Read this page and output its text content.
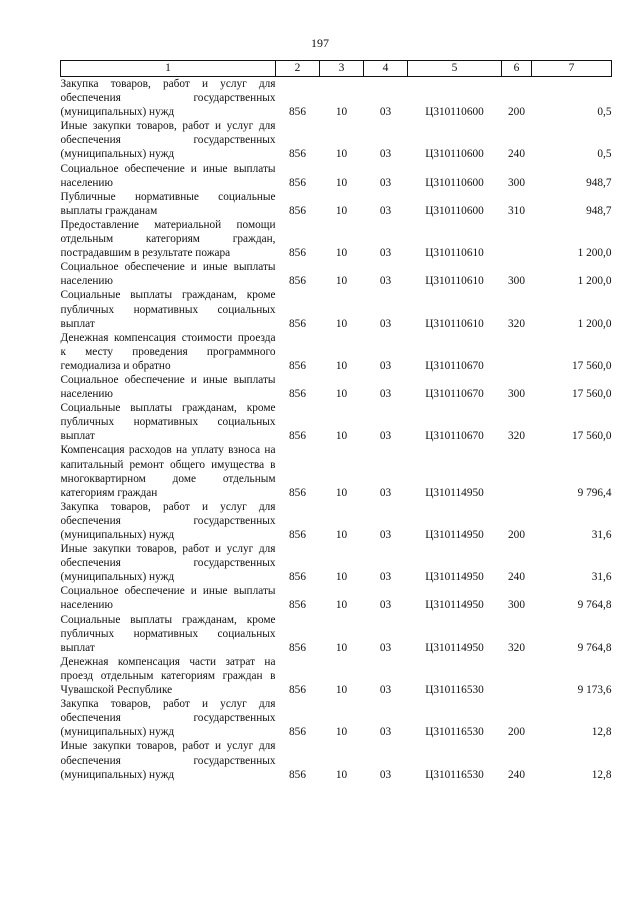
197
1	2	3	4	5	6	7
Закупка товаров, работ и услуг для обеспечения государственных (муниципальных) нужд	856	10	03	Ц310110600	200	0,5
Иные закупки товаров, работ и услуг для обеспечения государственных (муниципальных) нужд	856	10	03	Ц310110600	240	0,5
Социальное обеспечение и иные выплаты населению	856	10	03	Ц310110600	300	948,7
Публичные нормативные социальные выплаты гражданам	856	10	03	Ц310110600	310	948,7
Предоставление материальной помощи отдельным категориям граждан, пострадавшим в результате пожара	856	10	03	Ц310110610		1 200,0
Социальное обеспечение и иные выплаты населению	856	10	03	Ц310110610	300	1 200,0
Социальные выплаты гражданам, кроме публичных нормативных социальных выплат	856	10	03	Ц310110610	320	1 200,0
Денежная компенсация стоимости проезда к месту проведения программного гемодиализа и обратно	856	10	03	Ц310110670		17 560,0
Социальное обеспечение и иные выплаты населению	856	10	03	Ц310110670	300	17 560,0
Социальные выплаты гражданам, кроме публичных нормативных социальных выплат	856	10	03	Ц310110670	320	17 560,0
Компенсация расходов на уплату взноса на капитальный ремонт общего имущества в многоквартирном доме отдельным категориям граждан	856	10	03	Ц310114950		9 796,4
Закупка товаров, работ и услуг для обеспечения государственных (муниципальных) нужд	856	10	03	Ц310114950	200	31,6
Иные закупки товаров, работ и услуг для обеспечения государственных (муниципальных) нужд	856	10	03	Ц310114950	240	31,6
Социальное обеспечение и иные выплаты населению	856	10	03	Ц310114950	300	9 764,8
Социальные выплаты гражданам, кроме публичных нормативных социальных выплат	856	10	03	Ц310114950	320	9 764,8
Денежная компенсация части затрат на проезд отдельным категориям граждан в Чувашской Республике	856	10	03	Ц310116530		9 173,6
Закупка товаров, работ и услуг для обеспечения государственных (муниципальных) нужд	856	10	03	Ц310116530	200	12,8
Иные закупки товаров, работ и услуг для обеспечения государственных (муниципальных) нужд	856	10	03	Ц310116530	240	12,8
